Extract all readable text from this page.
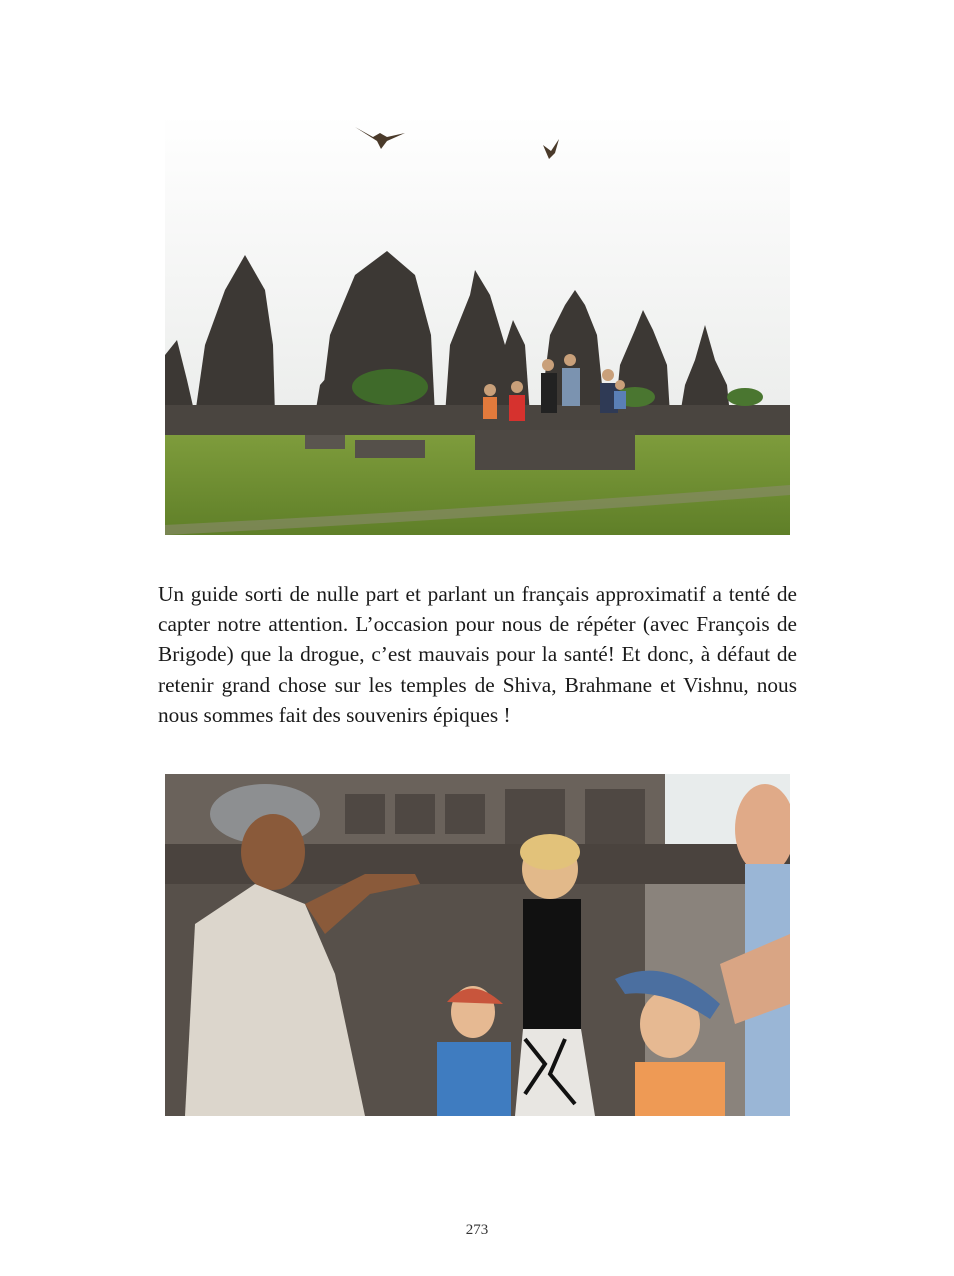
Un guide sorti de nulle part et parlant un français approximatif a tenté de capter notre attention. L’occasion pour nous de répéter (avec François de Brigode) que la drogue, c’est mauvais pour la santé! Et donc, à défaut de retenir grand chose sur les temples de Shiva, Brahmane et Vishnu, nous nous sommes fait des souvenirs épiques !

273
